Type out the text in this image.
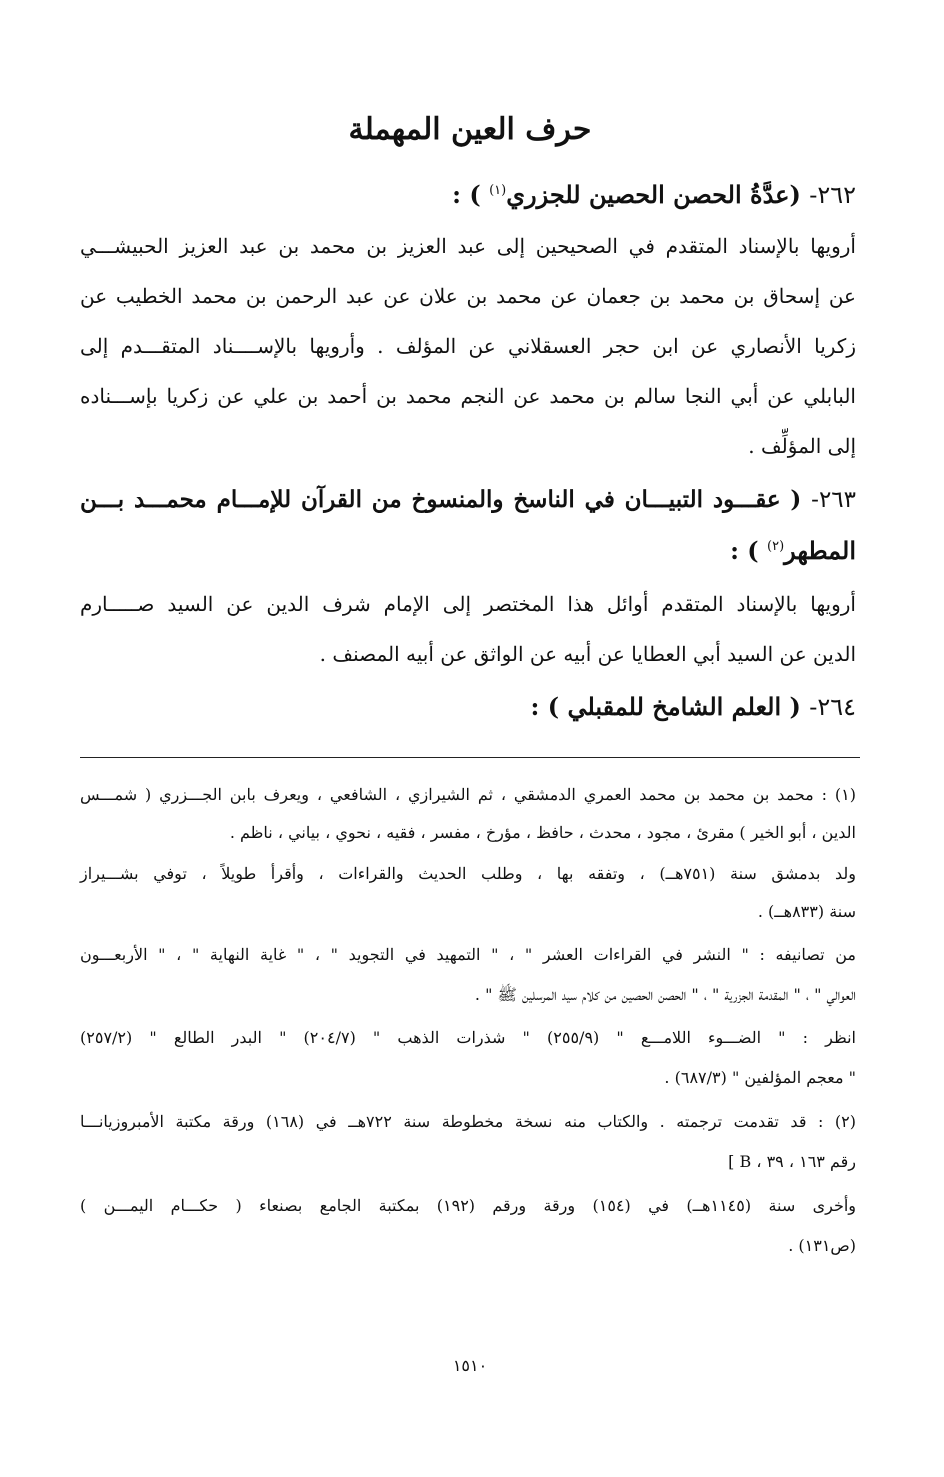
حرف العين المهملة
٢٦٢- (عدَّةُ الحصن الحصين للجزري$^{(١)}$ ) :
أرويها بالإسناد المتقدم في الصحيحين إلى عبد العزيز بن محمد بن عبد العزيز الحبيشـــي
عن إسحاق بن محمد بن جعمان عن محمد بن علان عن عبد الرحمن بن محمد الخطيب عن
زكريا الأنصاري عن ابن حجر العسقلاني عن المؤلف . وأرويها بالإســــناد المتقـــدم إلى
البابلي عن أبي النجا سالم بن محمد عن النجم محمد بن أحمد بن علي عن زكريا بإســـناده
إلى المؤلِّف .
٢٦٣- ( عقـــود التبيـــان في الناسخ والمنسوخ من القرآن للإمـــام محمـــد بـــن
المطهر$^{(٢)}$ ) :
أرويها بالإسناد المتقدم أوائل هذا المختصر إلى الإمام شرف الدين عن السيد صـــــارم
الدين عن السيد أبي العطايا عن أبيه عن الواثق عن أبيه المصنف .
٢٦٤- ( العلم الشامخ للمقبلي ) :
(١) : محمد بن محمد بن محمد العمري الدمشقي ، ثم الشيرازي ، الشافعي ، ويعرف بابن الجـــزري ( شمـــس
الدين ، أبو الخير ) مقرئ ، مجود ، محدث ، حافظ ، مؤرخ ، مفسر ، فقيه ، نحوي ، بياني ، ناظم .
ولد بدمشق سنة (٧٥١هــ) ، وتفقه بها ، وطلب الحديث والقراءات ، وأقرأ طويلاً ، توفي بشـــيراز
سنة (٨٣٣هــ) .
من تصانيفه : " النشر في القراءات العشر " ، " التمهيد في التجويد " ، " غاية النهاية " ، " الأربعـــون
العوالي " ، " المقدمة الجزرية " ، " الحصن الحصين من كلام سيد المرسلين ﷺ " .
انظر : " الضـــوء اللامـــع " (٢٥٥/٩) " شذرات الذهب " (٢٠٤/٧) " البدر الطالع " (٢٥٧/٢)
" معجم المؤلفين " (٦٨٧/٣) .
(٢) : قد تقدمت ترجمته . والكتاب منه نسخة مخطوطة سنة ٧٢٢هــ في (١٦٨) ورقة مكتبة الأمبروزيانـــا
رقم ١٦٣ ، ٣٩ ، B ]
وأخرى سنة (١١٤٥هــ) في (١٥٤) ورقة ورقم (١٩٢) بمكتبة الجامع بصنعاء ( حكـــام اليمـــن )
(ص١٣١) .
١٥١٠
